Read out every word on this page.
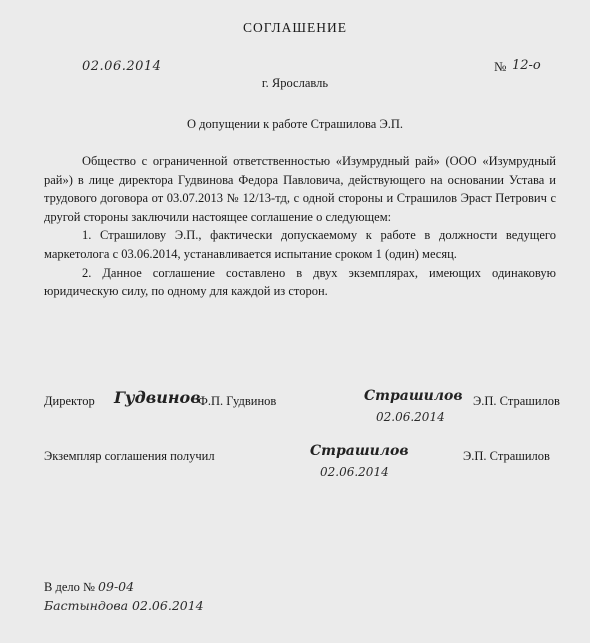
СОГЛАШЕНИЕ
02.06.2014	№ 12-о
г. Ярославль
О допущении к работе Страшилова Э.П.

Общество с ограниченной ответственностью «Изумрудный рай» (ООО «Изумрудный рай») в лице директора Гудвинова Федора Павловича, действующего на основании Устава и трудового договора от 03.07.2013 № 12/13-тд, с одной стороны и Страшилов Эраст Петрович с другой стороны заключили настоящее соглашение о следующем:

1. Страшилову Э.П., фактически допускаемому к работе в должности ведущего маркетолога с 03.06.2014, устанавливается испытание сроком 1 (один) месяц.

2. Данное соглашение составлено в двух экземплярах, имеющих одинаковую юридическую силу, по одному для каждой из сторон.

Директор Гудвинов
Ф.П. Гудвинов	Страшилов
02.06.2014
Э.П. Страшилов
Экземпляр соглашения получил	Страшилов
02.06.2014
Э.П. Страшилов
В дело № 09-04
Бастындова 02.06.2014
